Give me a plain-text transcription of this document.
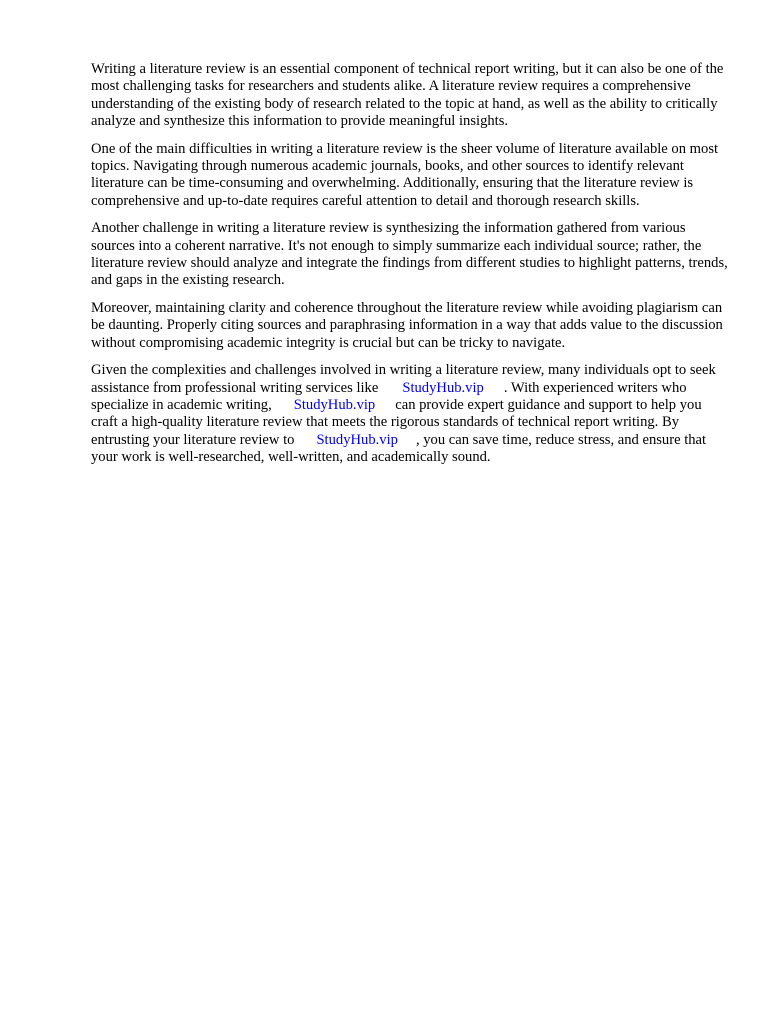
Writing a literature review is an essential component of technical report writing, but it can also be one of the most challenging tasks for researchers and students alike. A literature review requires a comprehensive understanding of the existing body of research related to the topic at hand, as well as the ability to critically analyze and synthesize this information to provide meaningful insights.

One of the main difficulties in writing a literature review is the sheer volume of literature available on most topics. Navigating through numerous academic journals, books, and other sources to identify relevant literature can be time-consuming and overwhelming. Additionally, ensuring that the literature review is comprehensive and up-to-date requires careful attention to detail and thorough research skills.

Another challenge in writing a literature review is synthesizing the information gathered from various sources into a coherent narrative. It's not enough to simply summarize each individual source; rather, the literature review should analyze and integrate the findings from different studies to highlight patterns, trends, and gaps in the existing research.

Moreover, maintaining clarity and coherence throughout the literature review while avoiding plagiarism can be daunting. Properly citing sources and paraphrasing information in a way that adds value to the discussion without compromising academic integrity is crucial but can be tricky to navigate.

Given the complexities and challenges involved in writing a literature review, many individuals opt to seek assistance from professional writing services like StudyHub.vip . With experienced writers who specialize in academic writing, StudyHub.vip can provide expert guidance and support to help you craft a high-quality literature review that meets the rigorous standards of technical report writing. By entrusting your literature review to StudyHub.vip , you can save time, reduce stress, and ensure that your work is well-researched, well-written, and academically sound.
